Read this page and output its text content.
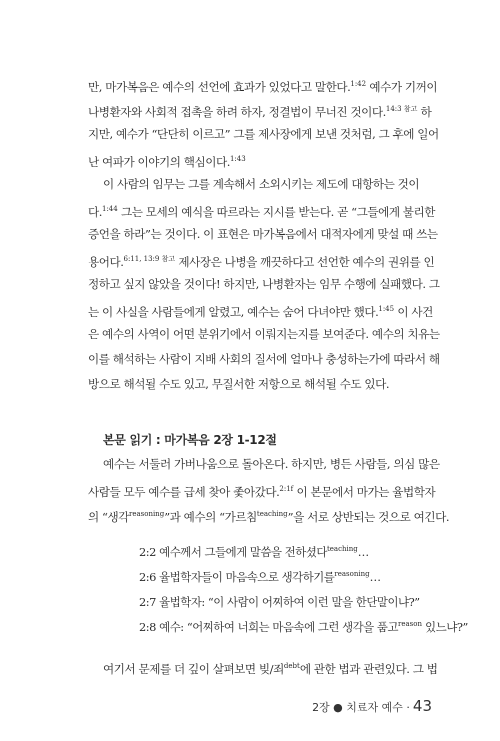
만, 마가복음은 예수의 선언에 효과가 있었다고 말한다.$^{1:42}$ 예수가 기꺼이
나병환자와 사회적 접촉을 하려 하자, 정결법이 무너진 것이다.$^{14:3 참고}$ 하
지만, 예수가 “단단히 이르고” 그를 제사장에게 보낸 것처럼, 그 후에 일어
난 여파가 이야기의 핵심이다.$^{1:43}$
이 사람의 임무는 그를 계속해서 소외시키는 제도에 대항하는 것이
다.$^{1:44}$ 그는 모세의 예식을 따르라는 지시를 받는다. 곧 “그들에게 불리한
증언을 하라”는 것이다. 이 표현은 마가복음에서 대적자에게 맞설 때 쓰는
용어다.$^{6:11, 13:9 참고}$ 제사장은 나병을 깨끗하다고 선언한 예수의 권위를 인
정하고 싶지 않았을 것이다! 하지만, 나병환자는 임무 수행에 실패했다. 그
는 이 사실을 사람들에게 알렸고, 예수는 숨어 다녀야만 했다.$^{1:45}$ 이 사건
은 예수의 사역이 어떤 분위기에서 이뤄지는지를 보여준다. 예수의 치유는
이를 해석하는 사람이 지배 사회의 질서에 얼마나 충성하는가에 따라서 해
방으로 해석될 수도 있고, 무질서한 저항으로 해석될 수도 있다.
본문 읽기 : 마가복음 2장 1-12절
예수는 서둘러 가버나움으로 돌아온다. 하지만, 병든 사람들, 의심 많은
사람들 모두 예수를 급세 찾아 좇아갔다.$^{2:1f}$ 이 본문에서 마가는 율법학자
의 “생각$^{reasoning}$”과 예수의 “가르침$^{teaching}$”을 서로 상반되는 것으로 여긴다.
2:2 예수께서 그들에게 말씀을 전하셨다$^{teaching}$…
2:6 율법학자들이 마음속으로 생각하기를$^{reasoning}$…
2:7 율법학자: “이 사람이 어찌하여 이런 말을 한단말이냐?”
2:8 예수: “어찌하여 너희는 마음속에 그런 생각을 품고$^{reason}$ 있느냐?”
여기서 문제를 더 깊이 살펴보면 빚/죄$^{debt}$에 관한 법과 관련있다. 그 법
2장 ● 치료자 예수 · 43
